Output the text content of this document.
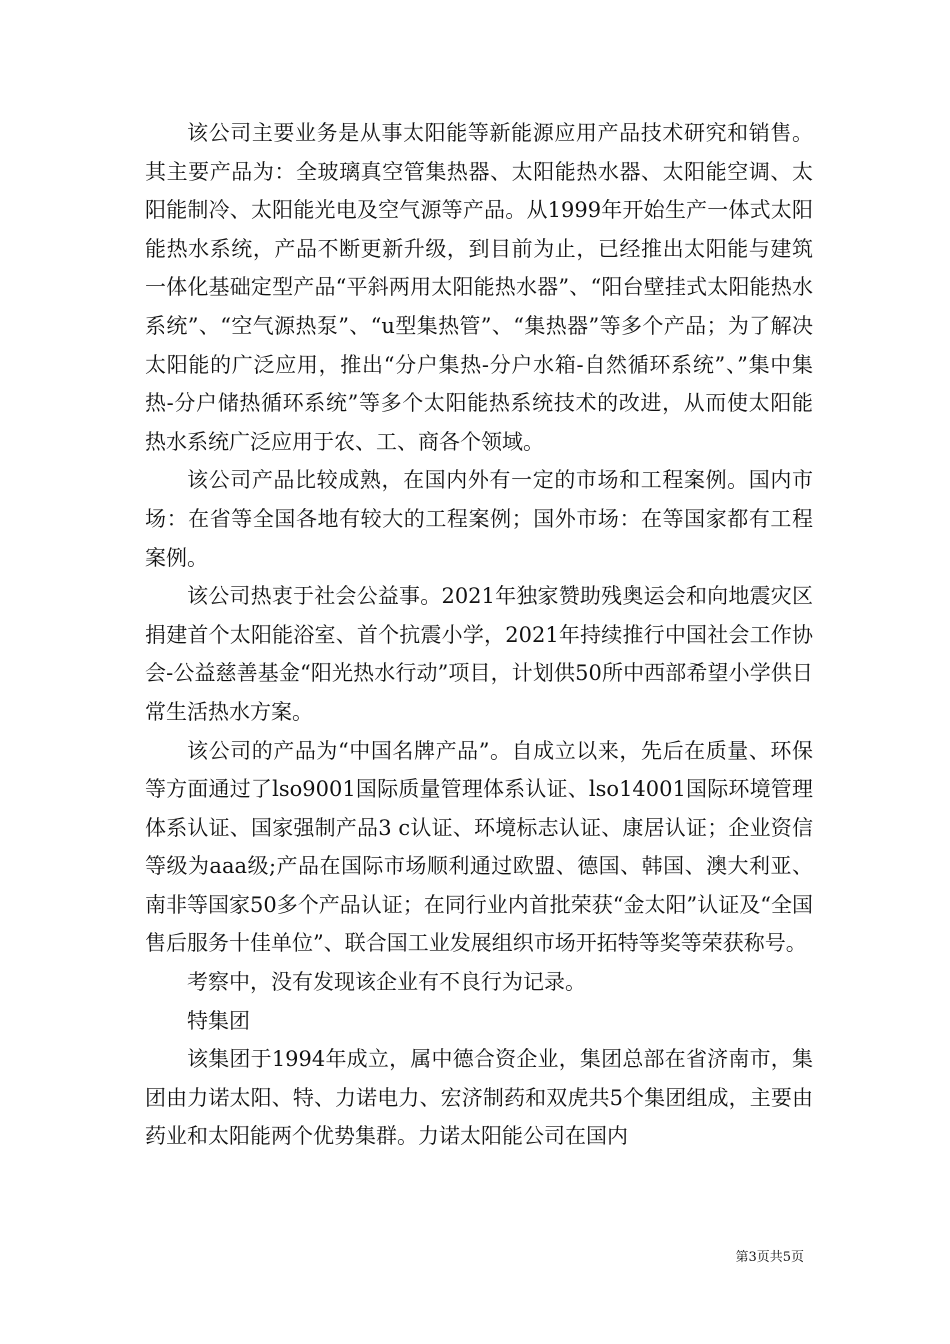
该公司主要业务是从事太阳能等新能源应用产品技术研究和销售。其主要产品为：全玻璃真空管集热器、太阳能热水器、太阳能空调、太阳能制冷、太阳能光电及空气源等产品。从1999年开始生产一体式太阳能热水系统，产品不断更新升级，到目前为止，已经推出太阳能与建筑一体化基础定型产品“平斜两用太阳能热水器”、“阳台壁挂式太阳能热水系统”、“空气源热泵”、“u型集热管”、“集热器”等多个产品；为了解决太阳能的广泛应用，推出“分户集热-分户水箱-自然循环系统”、”集中集热-分户储热循环系统”等多个太阳能热系统技术的改进，从而使太阳能热水系统广泛应用于农、工、商各个领域。

该公司产品比较成熟，在国内外有一定的市场和工程案例。国内市场：在省等全国各地有较大的工程案例；国外市场：在等国家都有工程案例。

该公司热衷于社会公益事。2021年独家赞助残奥运会和向地震灾区捐建首个太阳能浴室、首个抗震小学，2021年持续推行中国社会工作协会-公益慈善基金“阳光热水行动”项目，计划供50所中西部希望小学供日常生活热水方案。

该公司的产品为“中国名牌产品”。自成立以来，先后在质量、环保等方面通过了lso9001国际质量管理体系认证、lso14001国际环境管理体系认证、国家强制产品3 c认证、环境标志认证、康居认证；企业资信等级为aaa级;产品在国际市场顺利通过欧盟、德国、韩国、澳大利亚、南非等国家50多个产品认证；在同行业内首批荣获“金太阳”认证及“全国售后服务十佳单位”、联合国工业发展组织市场开拓特等奖等荣获称号。

考察中，没有发现该企业有不良行为记录。

特集团

该集团于1994年成立，属中德合资企业，集团总部在省济南市，集团由力诺太阳、特、力诺电力、宏济制药和双虎共5个集团组成，主要由药业和太阳能两个优势集群。力诺太阳能公司在国内

第3页共5页
